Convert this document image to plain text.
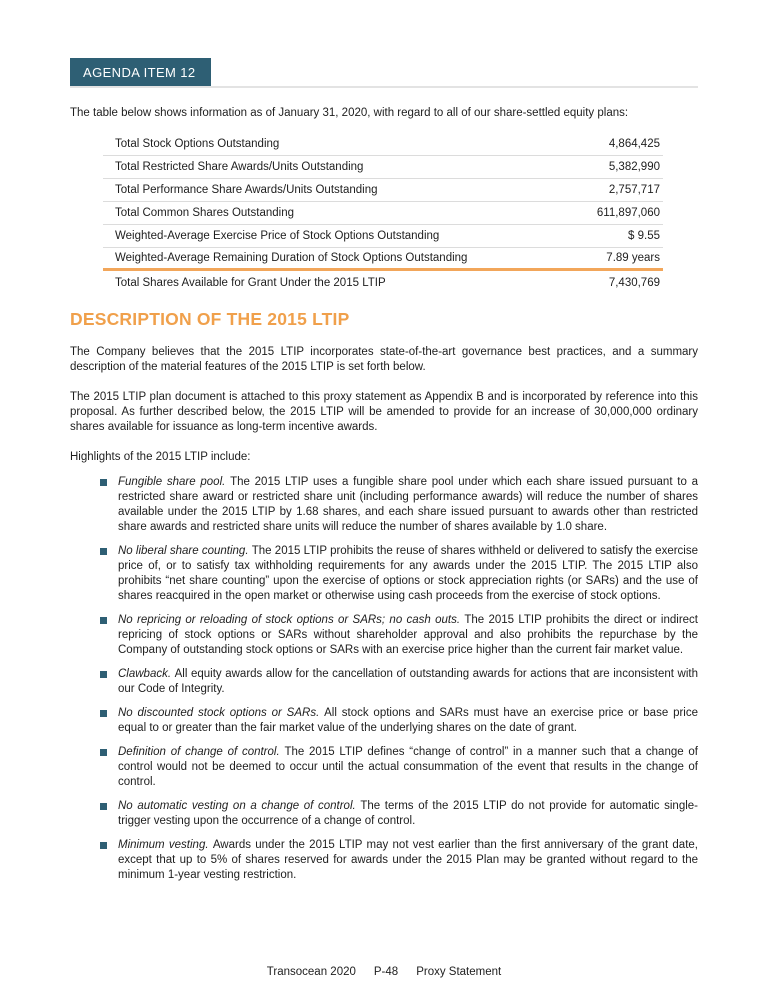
AGENDA ITEM 12

The table below shows information as of January 31, 2020, with regard to all of our share-settled equity plans:

Total Stock Options Outstanding	4,864,425
Total Restricted Share Awards/Units Outstanding	5,382,990
Total Performance Share Awards/Units Outstanding	2,757,717
Total Common Shares Outstanding	611,897,060
Weighted-Average Exercise Price of Stock Options Outstanding	$ 9.55
Weighted-Average Remaining Duration of Stock Options Outstanding	7.89 years
Total Shares Available for Grant Under the 2015 LTIP	7,430,769
DESCRIPTION OF THE 2015 LTIP

The Company believes that the 2015 LTIP incorporates state-of-the-art governance best practices, and a summary description of the material features of the 2015 LTIP is set forth below.

The 2015 LTIP plan document is attached to this proxy statement as Appendix B and is incorporated by reference into this proposal. As further described below, the 2015 LTIP will be amended to provide for an increase of 30,000,000 ordinary shares available for issuance as long-term incentive awards.

Highlights of the 2015 LTIP include:

Fungible share pool. The 2015 LTIP uses a fungible share pool under which each share issued pursuant to a restricted share award or restricted share unit (including performance awards) will reduce the number of shares available under the 2015 LTIP by 1.68 shares, and each share issued pursuant to awards other than restricted share awards and restricted share units will reduce the number of shares available by 1.0 share.
No liberal share counting. The 2015 LTIP prohibits the reuse of shares withheld or delivered to satisfy the exercise price of, or to satisfy tax withholding requirements for any awards under the 2015 LTIP. The 2015 LTIP also prohibits “net share counting” upon the exercise of options or stock appreciation rights (or SARs) and the use of shares reacquired in the open market or otherwise using cash proceeds from the exercise of stock options.
No repricing or reloading of stock options or SARs; no cash outs. The 2015 LTIP prohibits the direct or indirect repricing of stock options or SARs without shareholder approval and also prohibits the repurchase by the Company of outstanding stock options or SARs with an exercise price higher than the current fair market value.
Clawback. All equity awards allow for the cancellation of outstanding awards for actions that are inconsistent with our Code of Integrity.
No discounted stock options or SARs. All stock options and SARs must have an exercise price or base price equal to or greater than the fair market value of the underlying shares on the date of grant.
Definition of change of control. The 2015 LTIP defines “change of control” in a manner such that a change of control would not be deemed to occur until the actual consummation of the event that results in the change of control.
No automatic vesting on a change of control. The terms of the 2015 LTIP do not provide for automatic single-trigger vesting upon the occurrence of a change of control.
Minimum vesting. Awards under the 2015 LTIP may not vest earlier than the first anniversary of the grant date, except that up to 5% of shares reserved for awards under the 2015 Plan may be granted without regard to the minimum 1-year vesting restriction.
Transocean 2020 P-48 Proxy Statement
